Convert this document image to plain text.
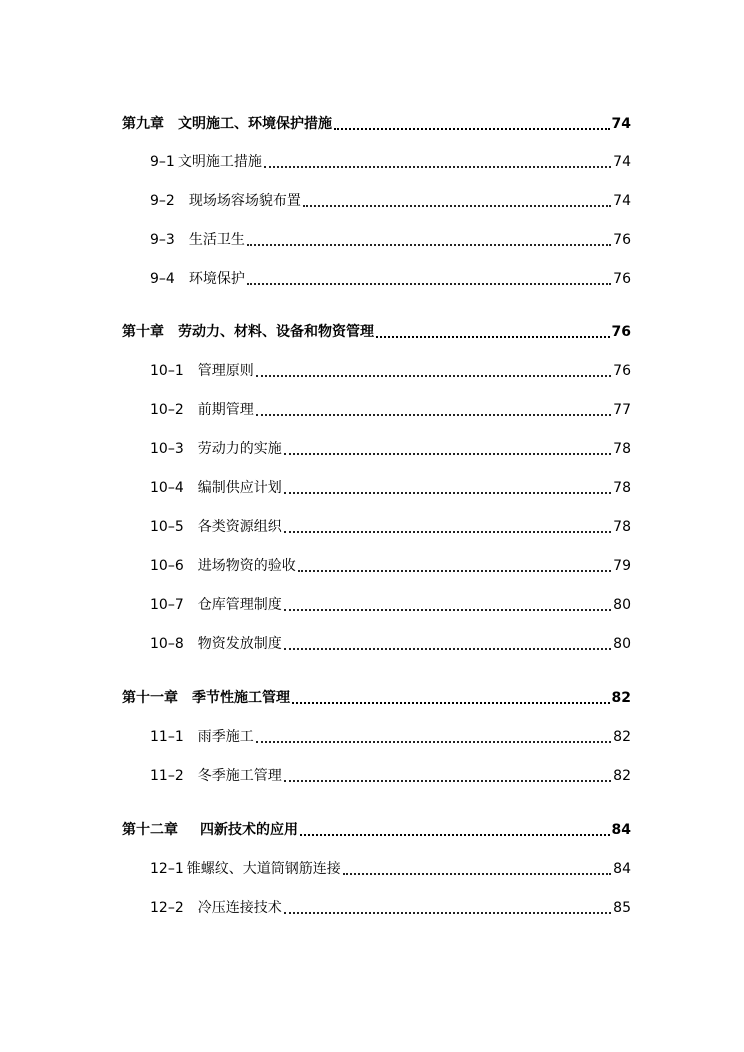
第九章	文明施工、环境保护措施	74
9–1 文明施工措施	74
9–2	现场场容场貌布置	74
9–3	生活卫生	76
9–4	环境保护	76
第十章	劳动力、材料、设备和物资管理	76
10–1	管理原则	76
10–2	前期管理	77
10–3	劳动力的实施	78
10–4	编制供应计划	78
10–5	各类资源组织	78
10–6	进场物资的验收	79
10–7	仓库管理制度	80
10–8	物资发放制度	80
第十一章	季节性施工管理	82
11–1	雨季施工	82
11–2	冬季施工管理	82
第十二章	四新技术的应用	84
12–1 锥螺纹、大道筒钢筋连接	84
12–2	冷压连接技术	85
